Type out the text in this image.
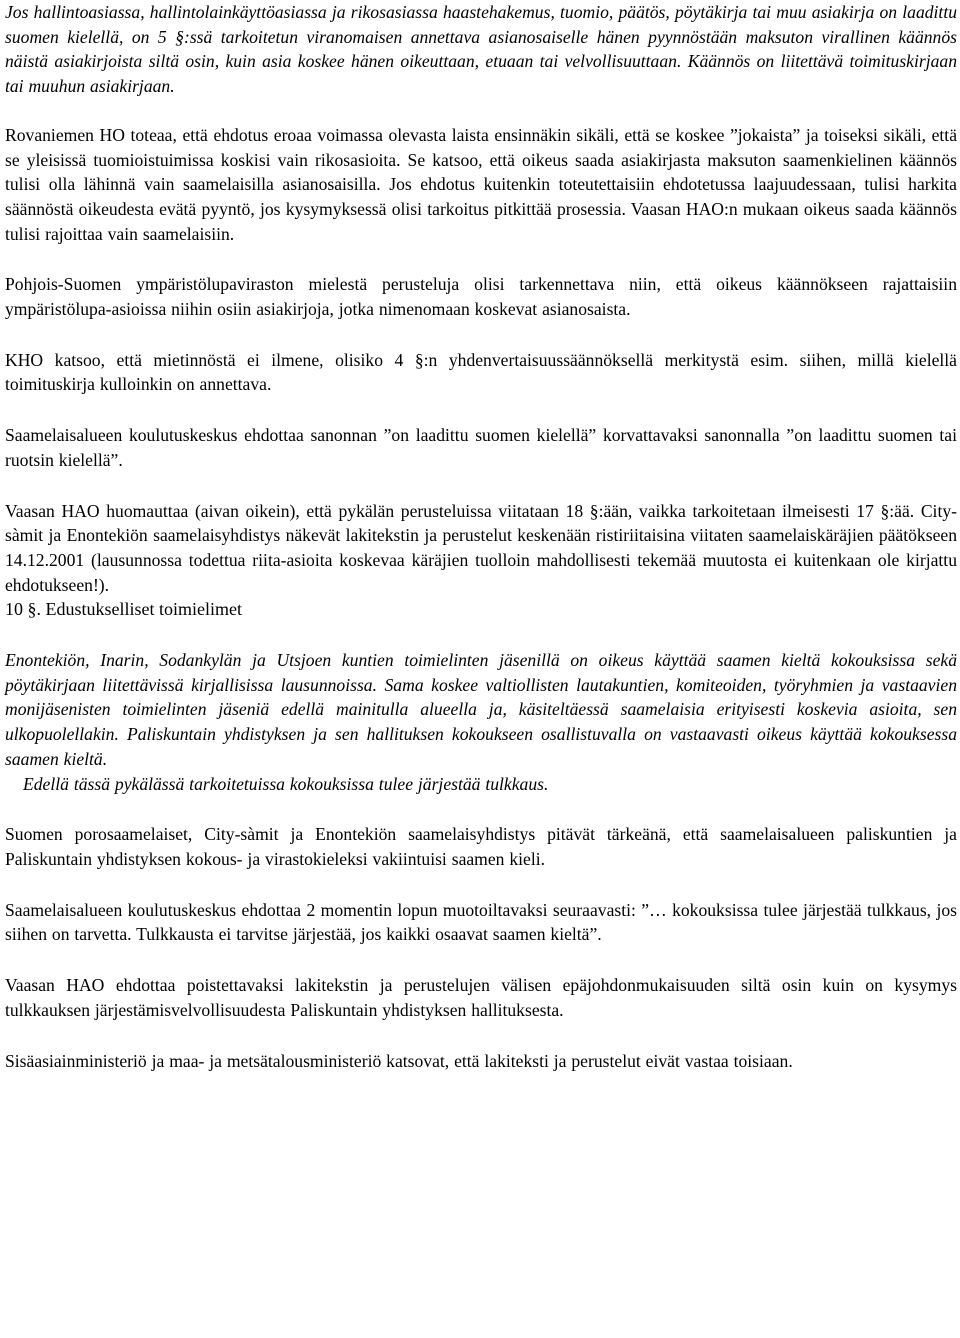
Jos hallintoasiassa, hallintolainkäyttöasiassa ja rikosasiassa haastehakemus, tuomio, päätös, pöytäkirja tai muu asiakirja on laadittu suomen kielellä, on 5 §:ssä tarkoitetun viranomaisen annettava asianosaiselle hänen pyynnöstään maksuton virallinen käännös näistä asiakirjoista siltä osin, kuin asia koskee hänen oikeuttaan, etuaan tai velvollisuuttaan. Käännös on liitettävä toimituskirjaan tai muuhun asiakirjaan.

Rovaniemen HO toteaa, että ehdotus eroaa voimassa olevasta laista ensinnäkin sikäli, että se koskee ”jokaista” ja toiseksi sikäli, että se yleisissä tuomioistuimissa koskisi vain rikosasioita. Se katsoo, että oikeus saada asiakirjasta maksuton saamenkielinen käännös tulisi olla lähinnä vain saamelaisilla asianosaisilla. Jos ehdotus kuitenkin toteutettaisiin ehdotetussa laajuudessaan, tulisi harkita säännöstä oikeudesta evätä pyyntö, jos kysymyksessä olisi tarkoitus pitkittää prosessia. Vaasan HAO:n mukaan oikeus saada käännös tulisi rajoittaa vain saamelaisiin.

Pohjois-Suomen ympäristölupaviraston mielestä perusteluja olisi tarkennettava niin, että oikeus käännökseen rajattaisiin ympäristölupa-asioissa niihin osiin asiakirjoja, jotka nimenomaan koskevat asianosaista.

KHO katsoo, että mietinnöstä ei ilmene, olisiko 4 §:n yhdenvertaisuussäännöksellä merkitystä esim. siihen, millä kielellä toimituskirja kulloinkin on annettava.

Saamelaisalueen koulutuskeskus ehdottaa sanonnan ”on laadittu suomen kielellä” korvattavaksi sanonnalla ”on laadittu suomen tai ruotsin kielellä”.

Vaasan HAO huomauttaa (aivan oikein), että pykälän perusteluissa viitataan 18 §:ään, vaikka tarkoitetaan ilmeisesti 17 §:ää. City-sàmit ja Enontekiön saamelaisyhdistys näkevät lakitekstin ja perustelut keskenään ristiriitaisina viitaten saamelaiskäräjien päätökseen 14.12.2001 (lausunnossa todettua riita-asioita koskevaa käräjien tuolloin mahdollisesti tekemää muutosta ei kuitenkaan ole kirjattu ehdotukseen!).

10 §. Edustukselliset toimielimet

Enontekiön, Inarin, Sodankylän ja Utsjoen kuntien toimielinten jäsenillä on oikeus käyttää saamen kieltä kokouksissa sekä pöytäkirjaan liitettävissä kirjallisissa lausunnoissa. Sama koskee valtiollisten lautakuntien, komiteoiden, työryhmien ja vastaavien monijäsenisten toimielinten jäseniä edellä mainitulla alueella ja, käsiteltäessä saamelaisia erityisesti koskevia asioita, sen ulkopuolellakin. Paliskuntain yhdistyksen ja sen hallituksen kokoukseen osallistuvalla on vastaavasti oikeus käyttää kokouksessa saamen kieltä.

Edellä tässä pykälässä tarkoitetuissa kokouksissa tulee järjestää tulkkaus.

Suomen porosaamelaiset, City-sàmit ja Enontekiön saamelaisyhdistys pitävät tärkeänä, että saamelaisalueen paliskuntien ja Paliskuntain yhdistyksen kokous- ja virastokieleksi vakiintuisi saamen kieli.

Saamelaisalueen koulutuskeskus ehdottaa 2 momentin lopun muotoiltavaksi seuraavasti: ”… kokouksissa tulee järjestää tulkkaus, jos siihen on tarvetta. Tulkkausta ei tarvitse järjestää, jos kaikki osaavat saamen kieltä”.

Vaasan HAO ehdottaa poistettavaksi lakitekstin ja perustelujen välisen epäjohdonmukaisuuden siltä osin kuin on kysymys tulkkauksen järjestämisvelvollisuudesta Paliskuntain yhdistyksen hallituksesta.

Sisäasiainministeriö ja maa- ja metsätalousministeriö katsovat, että lakiteksti ja perustelut eivät vastaa toisiaan.
